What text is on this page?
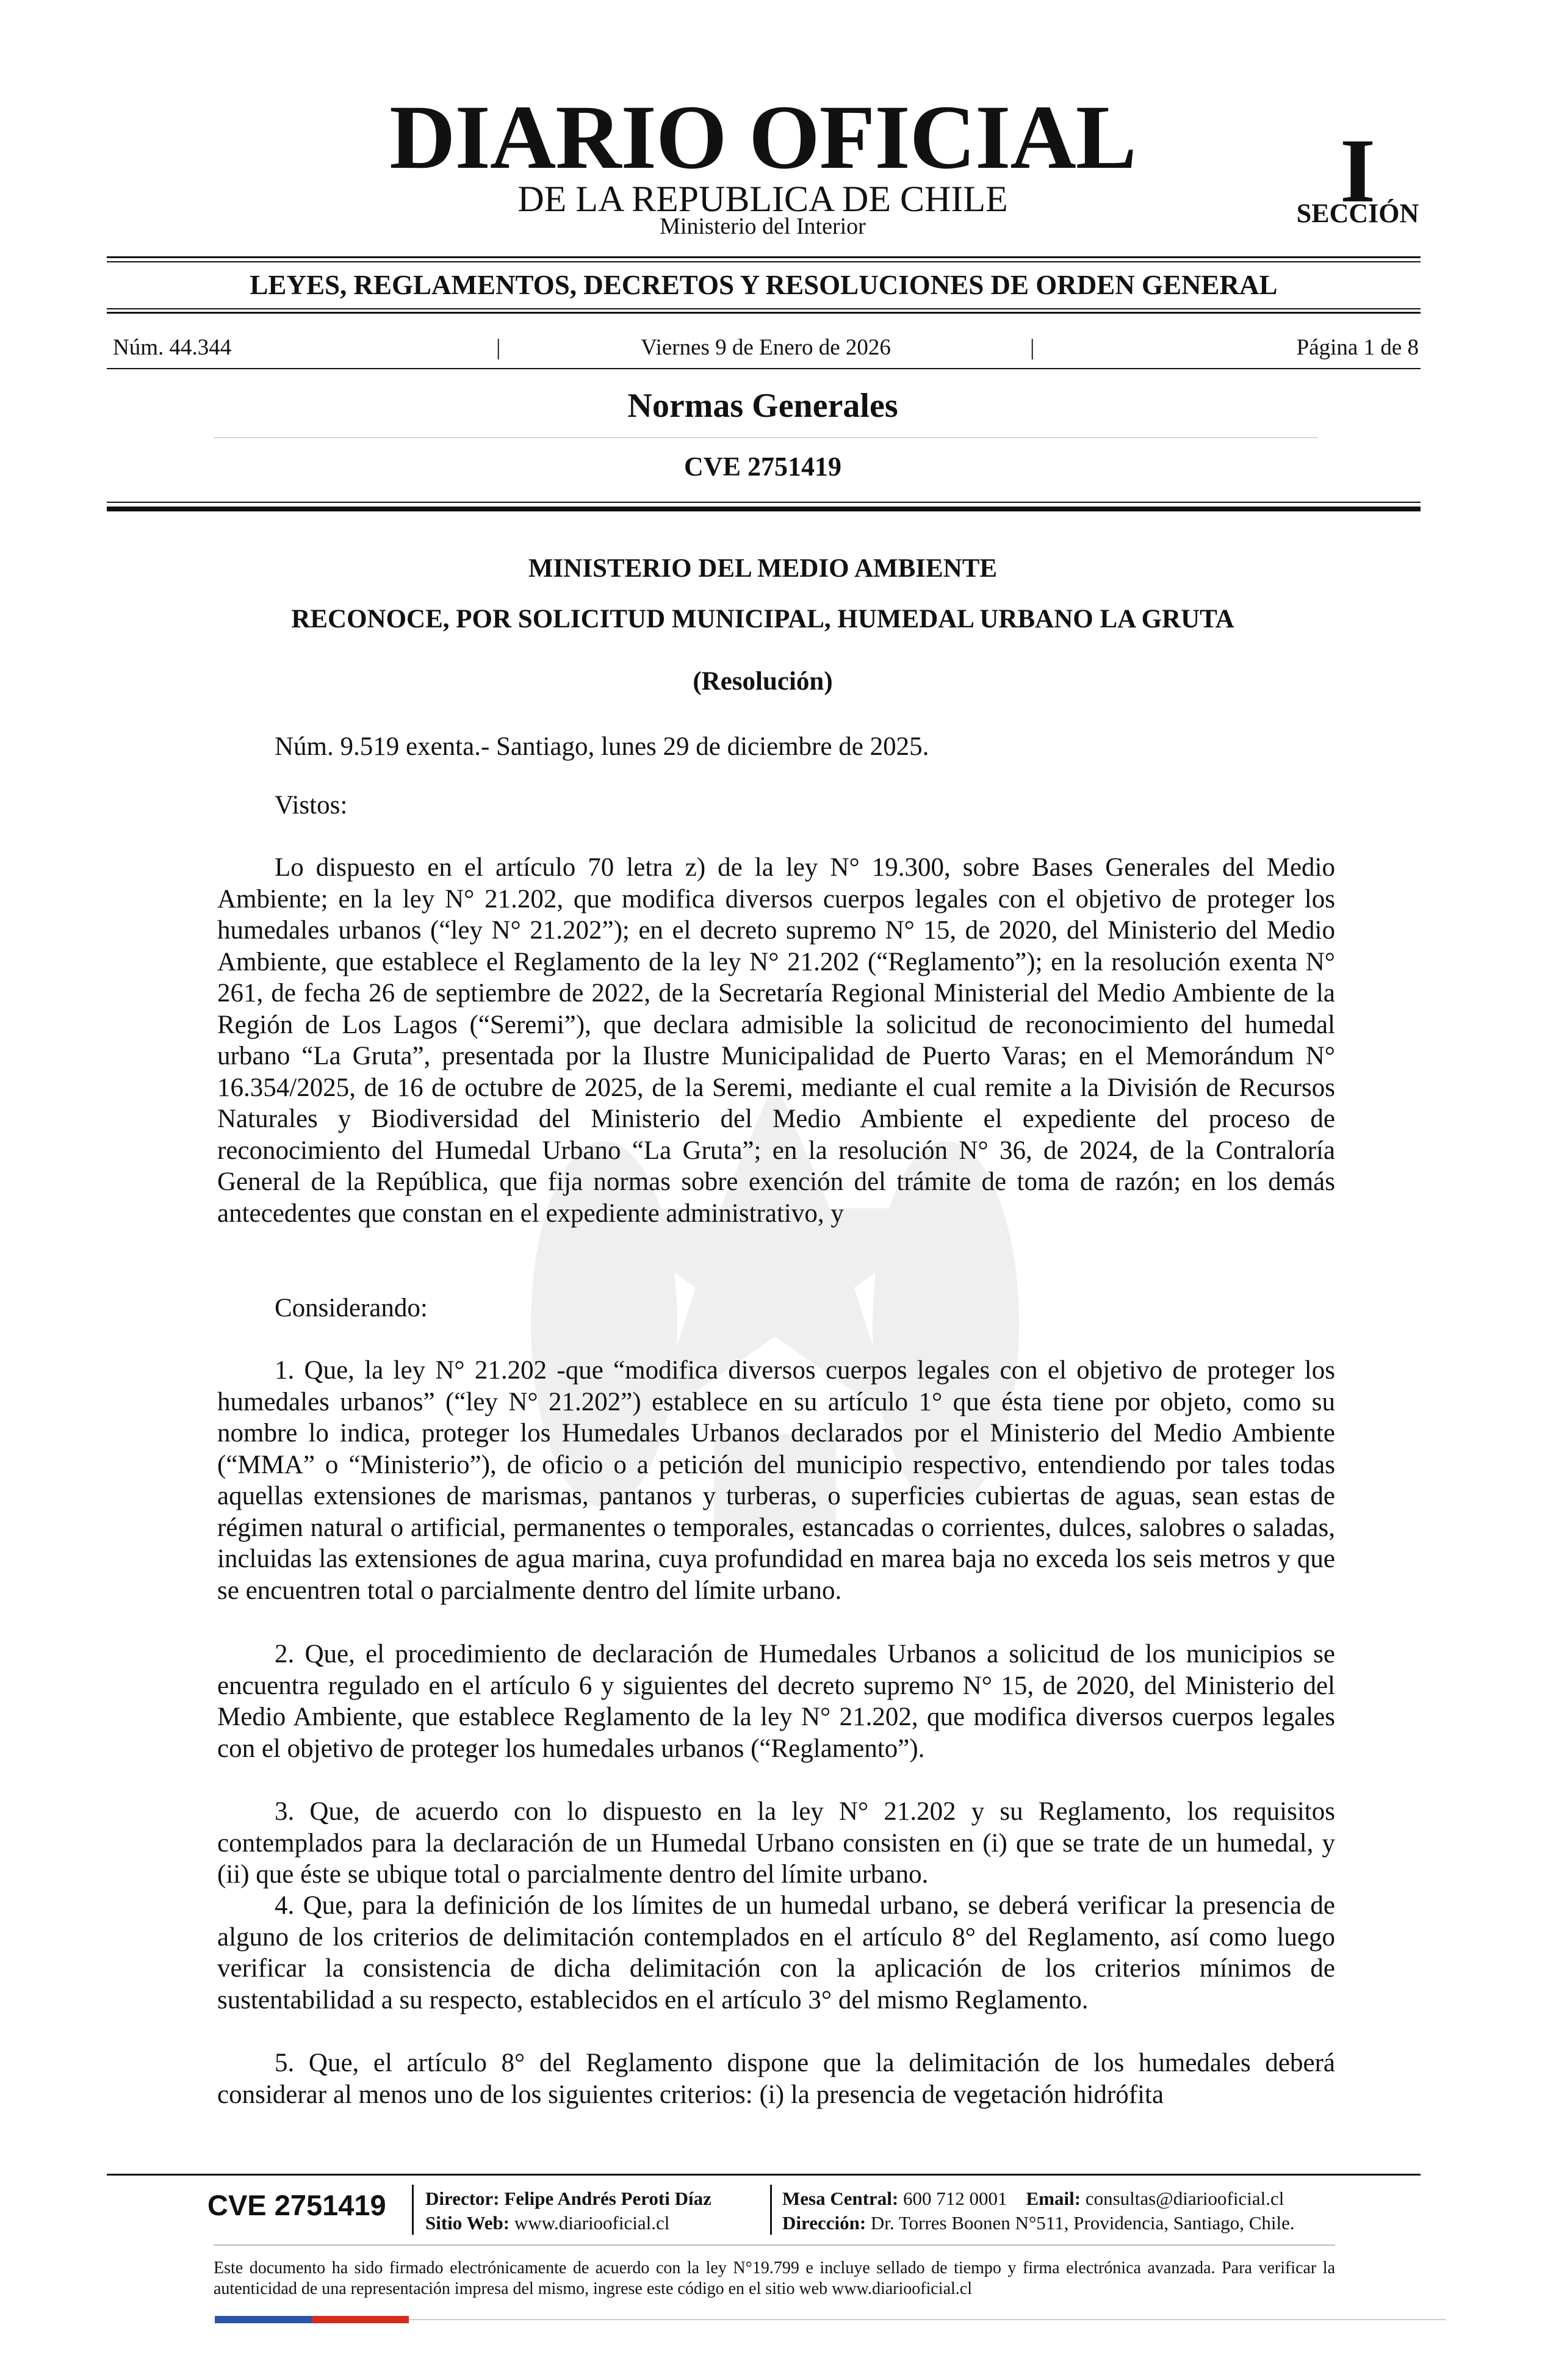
DIARIO OFICIAL
DE LA REPUBLICA DE CHILE
Ministerio del Interior
I
SECCIÓN
LEYES, REGLAMENTOS, DECRETOS Y RESOLUCIONES DE ORDEN GENERAL
Núm. 44.344	|	Viernes 9 de Enero de 2026	|	Página 1 de 8
Normas Generales
CVE 2751419
MINISTERIO DEL MEDIO AMBIENTE
RECONOCE, POR SOLICITUD MUNICIPAL, HUMEDAL URBANO LA GRUTA
(Resolución)
Núm. 9.519 exenta.- Santiago, lunes 29 de diciembre de 2025.
Vistos:

Lo dispuesto en el artículo 70 letra z) de la ley N° 19.300, sobre Bases Generales del Medio Ambiente; en la ley N° 21.202, que modifica diversos cuerpos legales con el objetivo de proteger los humedales urbanos (“ley N° 21.202”); en el decreto supremo N° 15, de 2020, del Ministerio del Medio Ambiente, que establece el Reglamento de la ley N° 21.202 (“Reglamento”); en la resolución exenta N° 261, de fecha 26 de septiembre de 2022, de la Secretaría Regional Ministerial del Medio Ambiente de la Región de Los Lagos (“Seremi”), que declara admisible la solicitud de reconocimiento del humedal urbano “La Gruta”, presentada por la Ilustre Municipalidad de Puerto Varas; en el Memorándum N° 16.354/2025, de 16 de octubre de 2025, de la Seremi, mediante el cual remite a la División de Recursos Naturales y Biodiversidad del Ministerio del Medio Ambiente el expediente del proceso de reconocimiento del Humedal Urbano “La Gruta”; en la resolución N° 36, de 2024, de la Contraloría General de la República, que fija normas sobre exención del trámite de toma de razón; en los demás antecedentes que constan en el expediente administrativo, y

Considerando:

1. Que, la ley N° 21.202 -que “modifica diversos cuerpos legales con el objetivo de proteger los humedales urbanos” (“ley N° 21.202”) establece en su artículo 1° que ésta tiene por objeto, como su nombre lo indica, proteger los Humedales Urbanos declarados por el Ministerio del Medio Ambiente (“MMA” o “Ministerio”), de oficio o a petición del municipio respectivo, entendiendo por tales todas aquellas extensiones de marismas, pantanos y turberas, o superficies cubiertas de aguas, sean estas de régimen natural o artificial, permanentes o temporales, estancadas o corrientes, dulces, salobres o saladas, incluidas las extensiones de agua marina, cuya profundidad en marea baja no exceda los seis metros y que se encuentren total o parcialmente dentro del límite urbano.

2. Que, el procedimiento de declaración de Humedales Urbanos a solicitud de los municipios se encuentra regulado en el artículo 6 y siguientes del decreto supremo N° 15, de 2020, del Ministerio del Medio Ambiente, que establece Reglamento de la ley N° 21.202, que modifica diversos cuerpos legales con el objetivo de proteger los humedales urbanos (“Reglamento”).

3. Que, de acuerdo con lo dispuesto en la ley N° 21.202 y su Reglamento, los requisitos contemplados para la declaración de un Humedal Urbano consisten en (i) que se trate de un humedal, y (ii) que éste se ubique total o parcialmente dentro del límite urbano.

4. Que, para la definición de los límites de un humedal urbano, se deberá verificar la presencia de alguno de los criterios de delimitación contemplados en el artículo 8° del Reglamento, así como luego verificar la consistencia de dicha delimitación con la aplicación de los criterios mínimos de sustentabilidad a su respecto, establecidos en el artículo 3° del mismo Reglamento.

5. Que, el artículo 8° del Reglamento dispone que la delimitación de los humedales deberá considerar al menos uno de los siguientes criterios: (i) la presencia de vegetación hidrófita

CVE 2751419 Director: Felipe Andrés Peroti Díaz
Sitio Web: www.diariooficial.cl
Mesa Central: 600 712 0001 Email: consultas@diariooficial.cl
Dirección: Dr. Torres Boonen N°511, Providencia, Santiago, Chile.

Este documento ha sido firmado electrónicamente de acuerdo con la ley N°19.799 e incluye sellado de tiempo y firma electrónica avanzada. Para verificar la autenticidad de una representación impresa del mismo, ingrese este código en el sitio web www.diariooficial.cl
